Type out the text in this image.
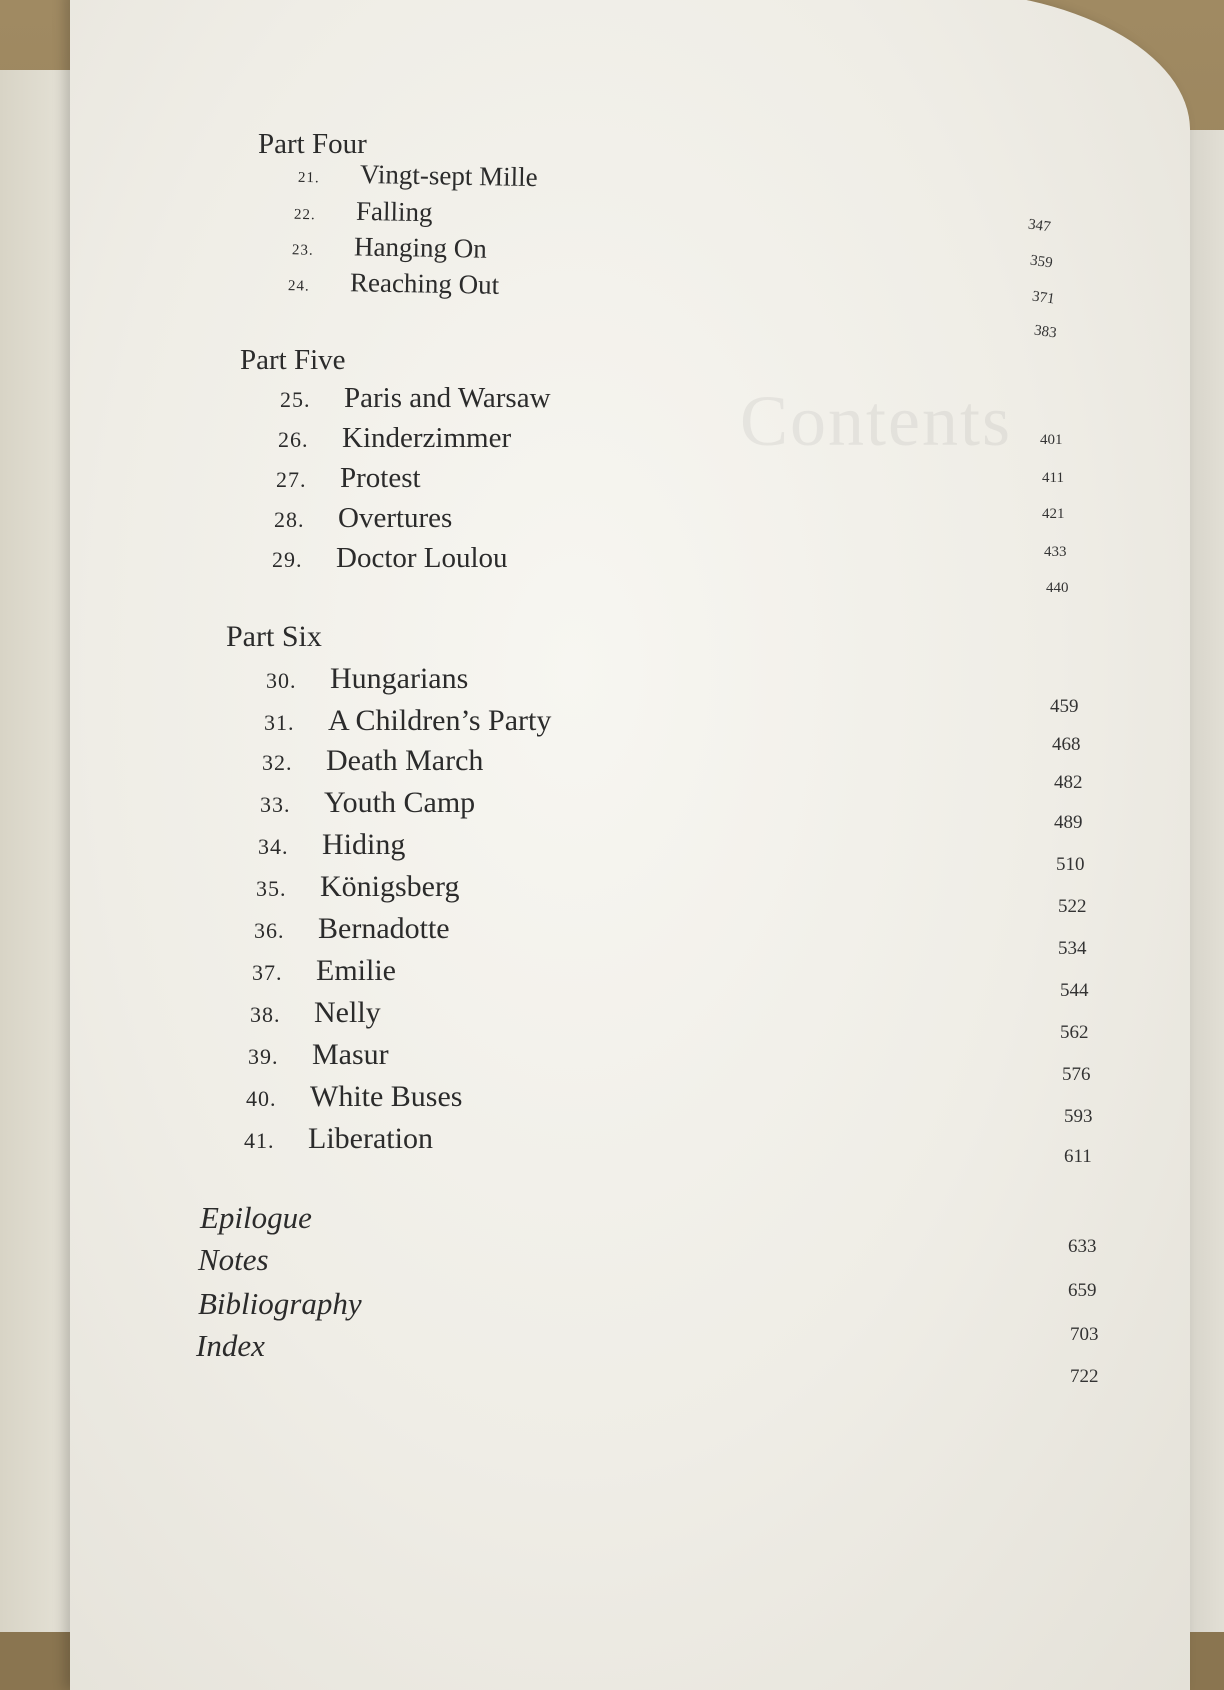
Contents
Part Four
21. Vingt-sept Mille
22. Falling
23. Hanging On
24. Reaching Out
347
359
371
383
Part Five
25. Paris and Warsaw
26. Kinderzimmer
27. Protest
28. Overtures
29. Doctor Loulou
401
411
421
433
440
Part Six
30. Hungarians
31. A Children’s Party
32. Death March
33. Youth Camp
34. Hiding
35. Königsberg
36. Bernadotte
37. Emilie
38. Nelly
39. Masur
40. White Buses
41. Liberation
459
468
482
489
510
522
534
544
562
576
593
611
Epilogue
Notes
Bibliography
Index
633
659
703
722
